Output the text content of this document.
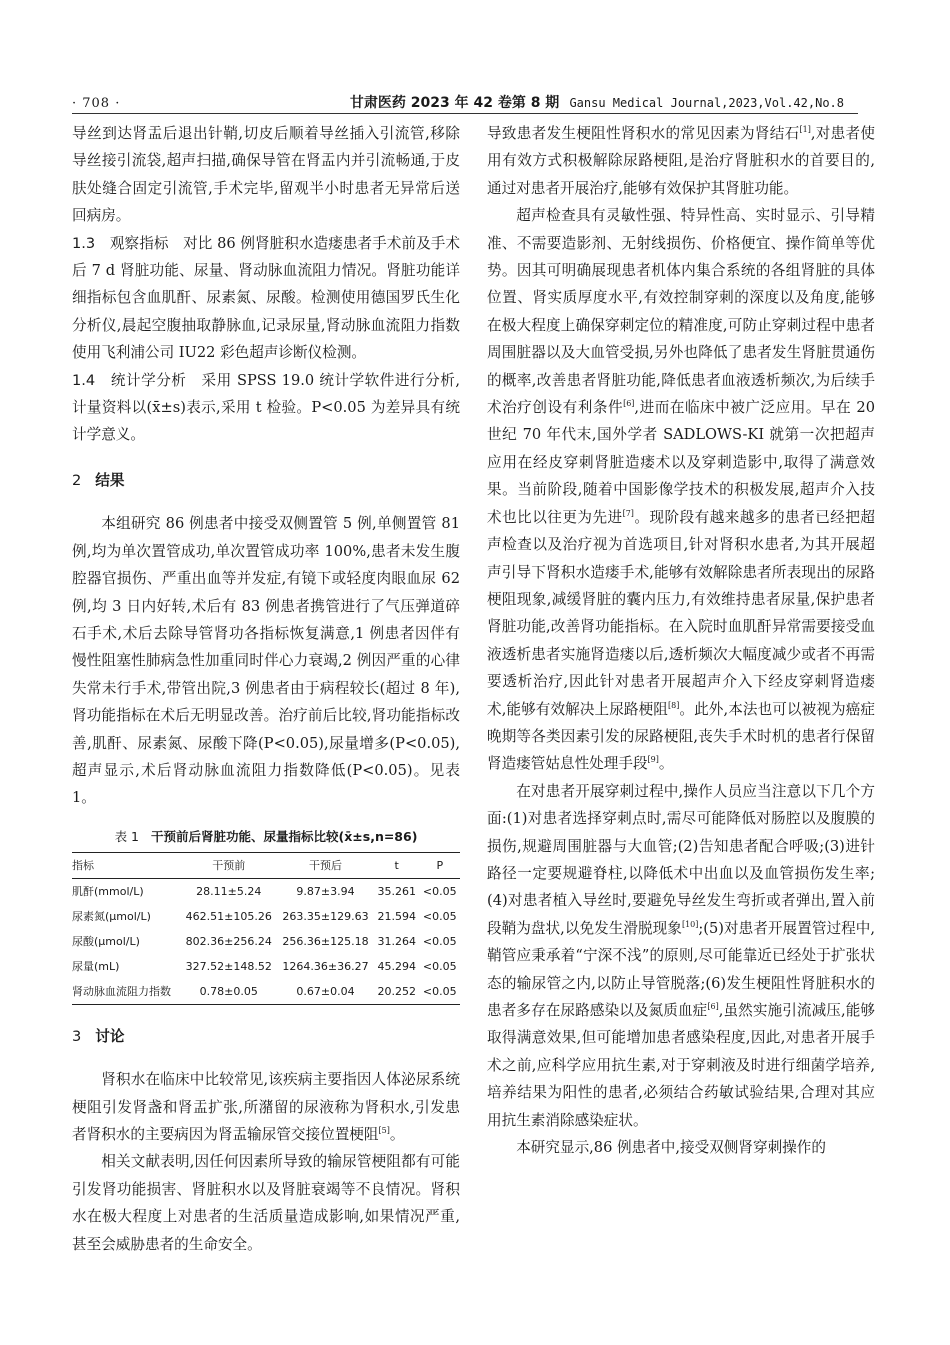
· 708 ·	甘肃医药 2023 年 42 卷第 8 期 Gansu Medical Journal,2023,Vol.42,No.8

导丝到达肾盂后退出针鞘,切皮后顺着导丝插入引流管,移除导丝接引流袋,超声扫描,确保导管在肾盂内并引流畅通,于皮肤处缝合固定引流管,手术完毕,留观半小时患者无异常后送回病房。

1.3　观察指标  对比 86 例肾脏积水造瘘患者手术前及手术后 7 d 肾脏功能、尿量、肾动脉血流阻力情况。肾脏功能详细指标包含血肌酐、尿素氮、尿酸。检测使用德国罗氏生化分析仪,晨起空腹抽取静脉血,记录尿量,肾动脉血流阻力指数使用飞利浦公司 IU22 彩色超声诊断仪检测。

1.4　统计学分析  采用 SPSS 19.0 统计学软件进行分析,计量资料以(x̄±s)表示,采用 t 检验。P<0.05 为差异具有统计学意义。

2 结果

本组研究 86 例患者中接受双侧置管 5 例,单侧置管 81 例,均为单次置管成功,单次置管成功率 100%,患者未发生腹腔器官损伤、严重出血等并发症,有镜下或轻度肉眼血尿 62 例,均 3 日内好转,术后有 83 例患者携管进行了气压弹道碎石手术,术后去除导管肾功各指标恢复满意,1 例患者因伴有慢性阻塞性肺病急性加重同时伴心力衰竭,2 例因严重的心律失常未行手术,带管出院,3 例患者由于病程较长(超过 8 年),肾功能指标在术后无明显改善。治疗前后比较,肾功能指标改善,肌酐、尿素氮、尿酸下降(P<0.05),尿量增多(P<0.05),超声显示,术后肾动脉血流阻力指数降低(P<0.05)。见表 1。

表 1 干预前后肾脏功能、尿量指标比较(x̄±s,n=86)
指标	干预前	干预后	t	P
肌酐(mmol/L)	28.11±5.24	9.87±3.94	35.261	<0.05
尿素氮(μmol/L)	462.51±105.26	263.35±129.63	21.594	<0.05
尿酸(μmol/L)	802.36±256.24	256.36±125.18	31.264	<0.05
尿量(mL)	327.52±148.52	1264.36±36.27	45.294	<0.05
肾动脉血流阻力指数	0.78±0.05	0.67±0.04	20.252	<0.05
3 讨论

肾积水在临床中比较常见,该疾病主要指因人体泌尿系统梗阻引发肾盏和肾盂扩张,所潴留的尿液称为肾积水,引发患者肾积水的主要病因为肾盂输尿管交接位置梗阻[5]。

相关文献表明,因任何因素所导致的输尿管梗阻都有可能引发肾功能损害、肾脏积水以及肾脏衰竭等不良情况。肾积水在极大程度上对患者的生活质量造成影响,如果情况严重,甚至会威胁患者的生命安全。

导致患者发生梗阻性肾积水的常见因素为肾结石[1],对患者使用有效方式积极解除尿路梗阻,是治疗肾脏积水的首要目的,通过对患者开展治疗,能够有效保护其肾脏功能。

超声检查具有灵敏性强、特异性高、实时显示、引导精准、不需要造影剂、无射线损伤、价格便宜、操作简单等优势。因其可明确展现患者机体内集合系统的各组肾脏的具体位置、肾实质厚度水平,有效控制穿刺的深度以及角度,能够在极大程度上确保穿刺定位的精准度,可防止穿刺过程中患者周围脏器以及大血管受损,另外也降低了患者发生肾脏贯通伤的概率,改善患者肾脏功能,降低患者血液透析频次,为后续手术治疗创设有利条件[6],进而在临床中被广泛应用。早在 20 世纪 70 年代末,国外学者 SADLOWS-KI 就第一次把超声应用在经皮穿刺肾脏造瘘术以及穿刺造影中,取得了满意效果。当前阶段,随着中国影像学技术的积极发展,超声介入技术也比以往更为先进[7]。现阶段有越来越多的患者已经把超声检查以及治疗视为首选项目,针对肾积水患者,为其开展超声引导下肾积水造瘘手术,能够有效解除患者所表现出的尿路梗阻现象,减缓肾脏的囊内压力,有效维持患者尿量,保护患者肾脏功能,改善肾功能指标。在入院时血肌酐异常需要接受血液透析患者实施肾造瘘以后,透析频次大幅度减少或者不再需要透析治疗,因此针对患者开展超声介入下经皮穿刺肾造瘘术,能够有效解决上尿路梗阻[8]。此外,本法也可以被视为癌症晚期等各类因素引发的尿路梗阻,丧失手术时机的患者行保留肾造瘘管姑息性处理手段[9]。

在对患者开展穿刺过程中,操作人员应当注意以下几个方面:(1)对患者选择穿刺点时,需尽可能降低对肠腔以及腹膜的损伤,规避周围脏器与大血管;(2)告知患者配合呼吸;(3)进针路径一定要规避脊柱,以降低术中出血以及血管损伤发生率;(4)对患者植入导丝时,要避免导丝发生弯折或者弹出,置入前段鞘为盘状,以免发生滑脱现象[10];(5)对患者开展置管过程中,鞘管应秉承着“宁深不浅”的原则,尽可能靠近已经处于扩张状态的输尿管之内,以防止导管脱落;(6)发生梗阻性肾脏积水的患者多存在尿路感染以及氮质血症[6],虽然实施引流减压,能够取得满意效果,但可能增加患者感染程度,因此,对患者开展手术之前,应科学应用抗生素,对于穿刺液及时进行细菌学培养,培养结果为阳性的患者,必须结合药敏试验结果,合理对其应用抗生素消除感染症状。

本研究显示,86 例患者中,接受双侧肾穿刺操作的
